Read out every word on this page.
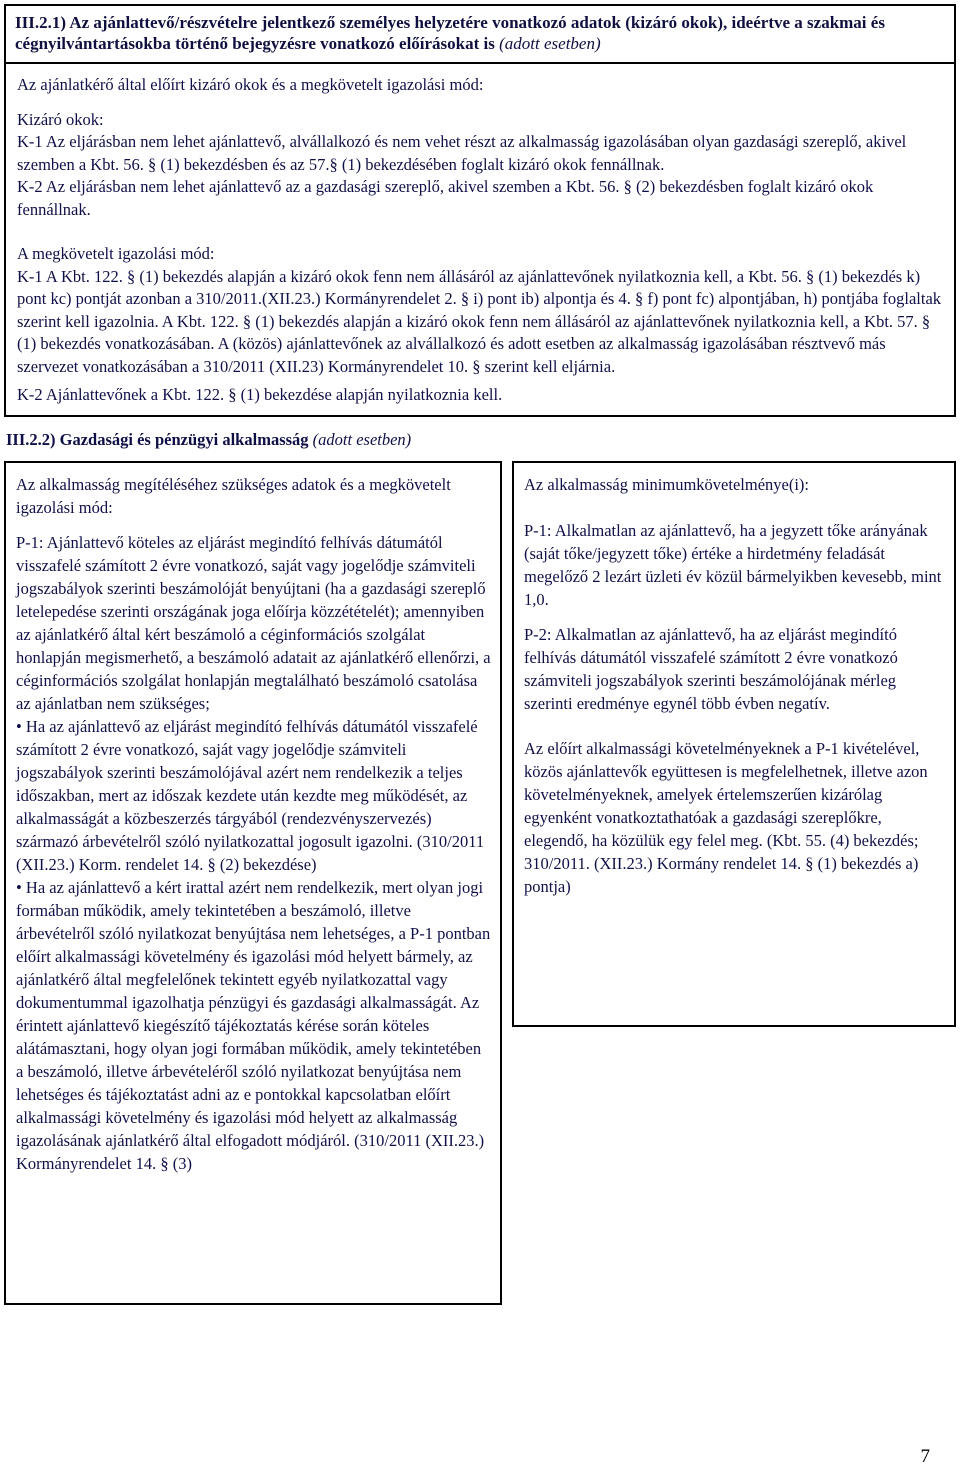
III.2.1) Az ajánlattevő/részvételre jelentkező személyes helyzetére vonatkozó adatok (kizáró okok), ideértve a szakmai és cégnyilvántartásokba történő bejegyzésre vonatkozó előírásokat is (adott esetben)

Az ajánlatkérő által előírt kizáró okok és a megkövetelt igazolási mód:

Kizáró okok:

K-1 Az eljárásban nem lehet ajánlattevő, alvállalkozó és nem vehet részt az alkalmasság igazolásában olyan gazdasági szereplő, akivel szemben a Kbt. 56. § (1) bekezdésben és az 57.§ (1) bekezdésében foglalt kizáró okok fennállnak.

K-2 Az eljárásban nem lehet ajánlattevő az a gazdasági szereplő, akivel szemben a Kbt. 56. § (2) bekezdésben foglalt kizáró okok fennállnak.

A megkövetelt igazolási mód:

K-1 A Kbt. 122. § (1) bekezdés alapján a kizáró okok fenn nem állásáról az ajánlattevőnek nyilatkoznia kell, a Kbt. 56. § (1) bekezdés k) pont kc) pontját azonban a 310/2011.(XII.23.) Kormányrendelet 2. § i) pont ib) alpontja és 4. § f) pont fc) alpontjában, h) pontjába foglaltak szerint kell igazolnia. A Kbt. 122. § (1) bekezdés alapján a kizáró okok fenn nem állásáról az ajánlattevőnek nyilatkoznia kell, a Kbt. 57. § (1) bekezdés vonatkozásában. A (közös) ajánlattevőnek az alvállalkozó és adott esetben az alkalmasság igazolásában résztvevő más szervezet vonatkozásában a 310/2011 (XII.23) Kormányrendelet 10. § szerint kell eljárnia.

K-2 Ajánlattevőnek a Kbt. 122. § (1) bekezdése alapján nyilatkoznia kell.

III.2.2) Gazdasági és pénzügyi alkalmasság (adott esetben)

Az alkalmasság megítéléséhez szükséges adatok és a megkövetelt igazolási mód:

P-1: Ajánlattevő köteles az eljárást megindító felhívás dátumától visszafelé számított 2 évre vonatkozó, saját vagy jogelődje számviteli jogszabályok szerinti beszámolóját benyújtani (ha a gazdasági szereplő letelepedése szerinti országának joga előírja közzétételét); amennyiben az ajánlatkérő által kért beszámoló a céginformációs szolgálat honlapján megismerhető, a beszámoló adatait az ajánlatkérő ellenőrzi, a céginformációs szolgálat honlapján megtalálható beszámoló csatolása az ajánlatban nem szükséges;

• Ha az ajánlattevő az eljárást megindító felhívás dátumától visszafelé számított 2 évre vonatkozó, saját vagy jogelődje számviteli jogszabályok szerinti beszámolójával azért nem rendelkezik a teljes időszakban, mert az időszak kezdete után kezdte meg működését, az alkalmasságát a közbeszerzés tárgyából (rendezvényszervezés) származó árbevételről szóló nyilatkozattal jogosult igazolni. (310/2011 (XII.23.) Korm. rendelet 14. § (2) bekezdése)

• Ha az ajánlattevő a kért irattal azért nem rendelkezik, mert olyan jogi formában működik, amely tekintetében a beszámoló, illetve árbevételről szóló nyilatkozat benyújtása nem lehetséges, a P-1 pontban előírt alkalmassági követelmény és igazolási mód helyett bármely, az ajánlatkérő által megfelelőnek tekintett egyéb nyilatkozattal vagy dokumentummal igazolhatja pénzügyi és gazdasági alkalmasságát. Az érintett ajánlattevő kiegészítő tájékoztatás kérése során köteles alátámasztani, hogy olyan jogi formában működik, amely tekintetében a beszámoló, illetve árbevételéről szóló nyilatkozat benyújtása nem lehetséges és tájékoztatást adni az e pontokkal kapcsolatban előírt alkalmassági követelmény és igazolási mód helyett az alkalmasság igazolásának ajánlatkérő által elfogadott módjáról. (310/2011 (XII.23.) Kormányrendelet 14. § (3)

Az alkalmasság minimumkövetelménye(i):

P-1: Alkalmatlan az ajánlattevő, ha a jegyzett tőke arányának (saját tőke/jegyzett tőke) értéke a hirdetmény feladását megelőző 2 lezárt üzleti év közül bármelyikben kevesebb, mint 1,0.

P-2: Alkalmatlan az ajánlattevő, ha az eljárást megindító felhívás dátumától visszafelé számított 2 évre vonatkozó számviteli jogszabályok szerinti beszámolójának mérleg szerinti eredménye egynél több évben negatív.

Az előírt alkalmassági követelményeknek a P-1 kivételével, közös ajánlattevők együttesen is megfelelhetnek, illetve azon követelményeknek, amelyek értelemszerűen kizárólag egyenként vonatkoztathatóak a gazdasági szereplőkre, elegendő, ha közülük egy felel meg. (Kbt. 55. (4) bekezdés; 310/2011. (XII.23.) Kormány rendelet 14. § (1) bekezdés a) pontja)

7
